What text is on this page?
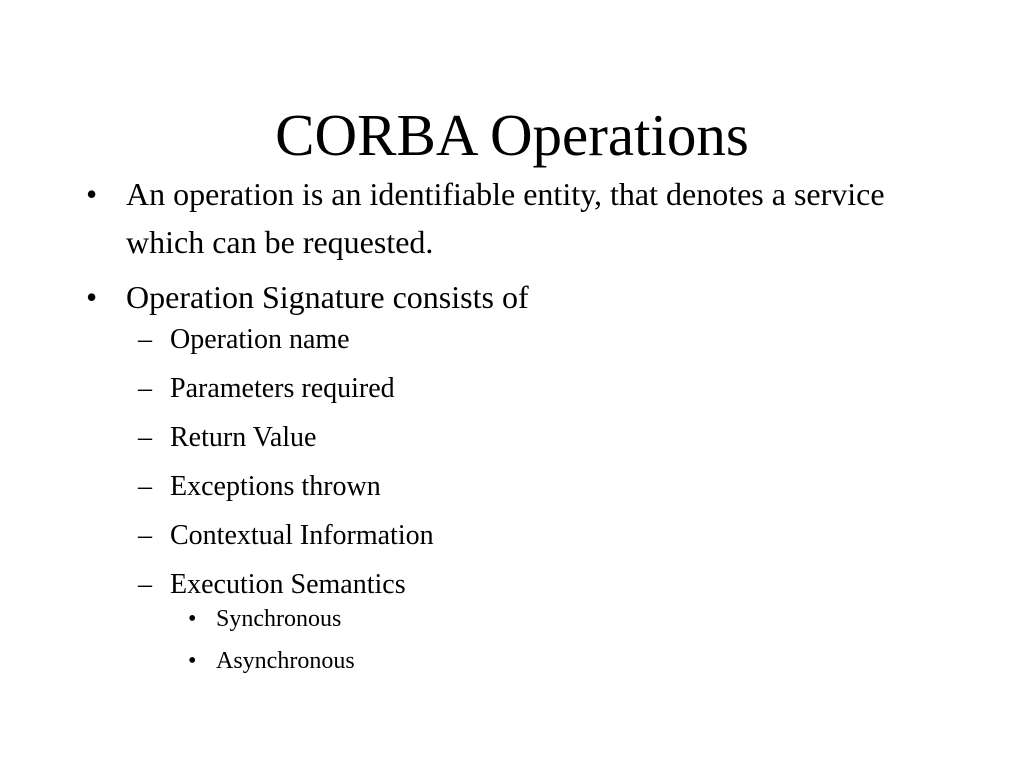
CORBA Operations
• An operation is an identifiable entity, that denotes a service which can be requested.
• Operation Signature consists of
– Operation name
– Parameters required
– Return Value
– Exceptions thrown
– Contextual Information
– Execution Semantics
• Synchronous
• Asynchronous
